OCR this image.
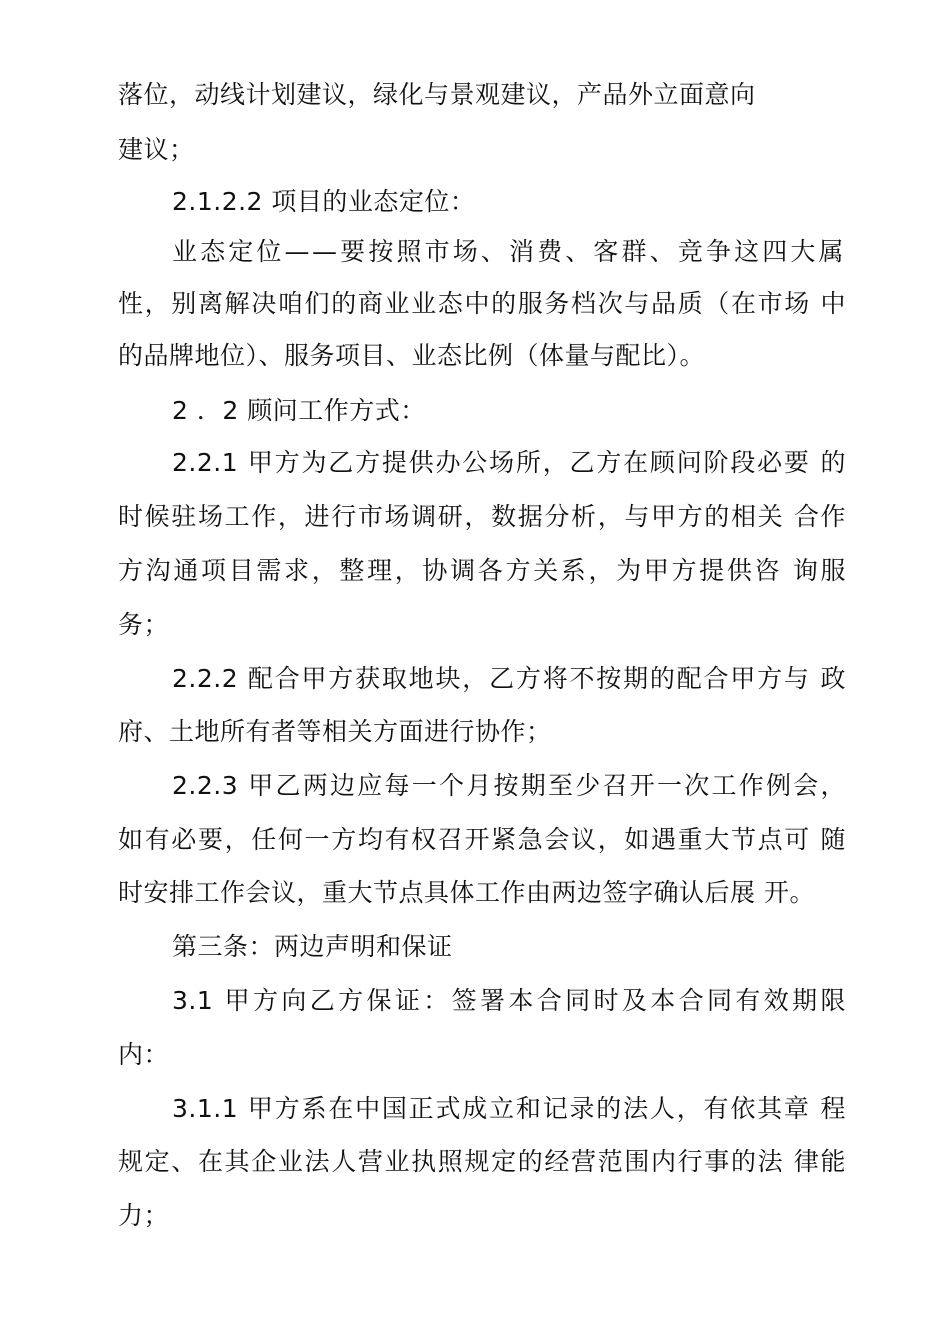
落位，动线计划建议，绿化与景观建议，产品外立面意向
建议；
2.1.2.2 项目的业态定位：
业态定位——要按照市场、消费、客群、竞争这四大属
性，别离解决咱们的商业业态中的服务档次与品质（在市场 中
的品牌地位）、服务项目、业态比例（体量与配比）。
2 ．2 顾问工作方式：
2.2.1 甲方为乙方提供办公场所，乙方在顾问阶段必要 的
时候驻场工作，进行市场调研，数据分析，与甲方的相关 合作
方沟通项目需求，整理，协调各方关系，为甲方提供咨 询服
务；
2.2.2 配合甲方获取地块，乙方将不按期的配合甲方与 政
府、土地所有者等相关方面进行协作；
2.2.3 甲乙两边应每一个月按期至少召开一次工作例会，
如有必要，任何一方均有权召开紧急会议，如遇重大节点可 随
时安排工作会议，重大节点具体工作由两边签字确认后展 开。
第三条：两边声明和保证
3.1 甲方向乙方保证：签署本合同时及本合同有效期限
内：
3.1.1 甲方系在中国正式成立和记录的法人，有依其章 程
规定、在其企业法人营业执照规定的经营范围内行事的法 律能
力；
